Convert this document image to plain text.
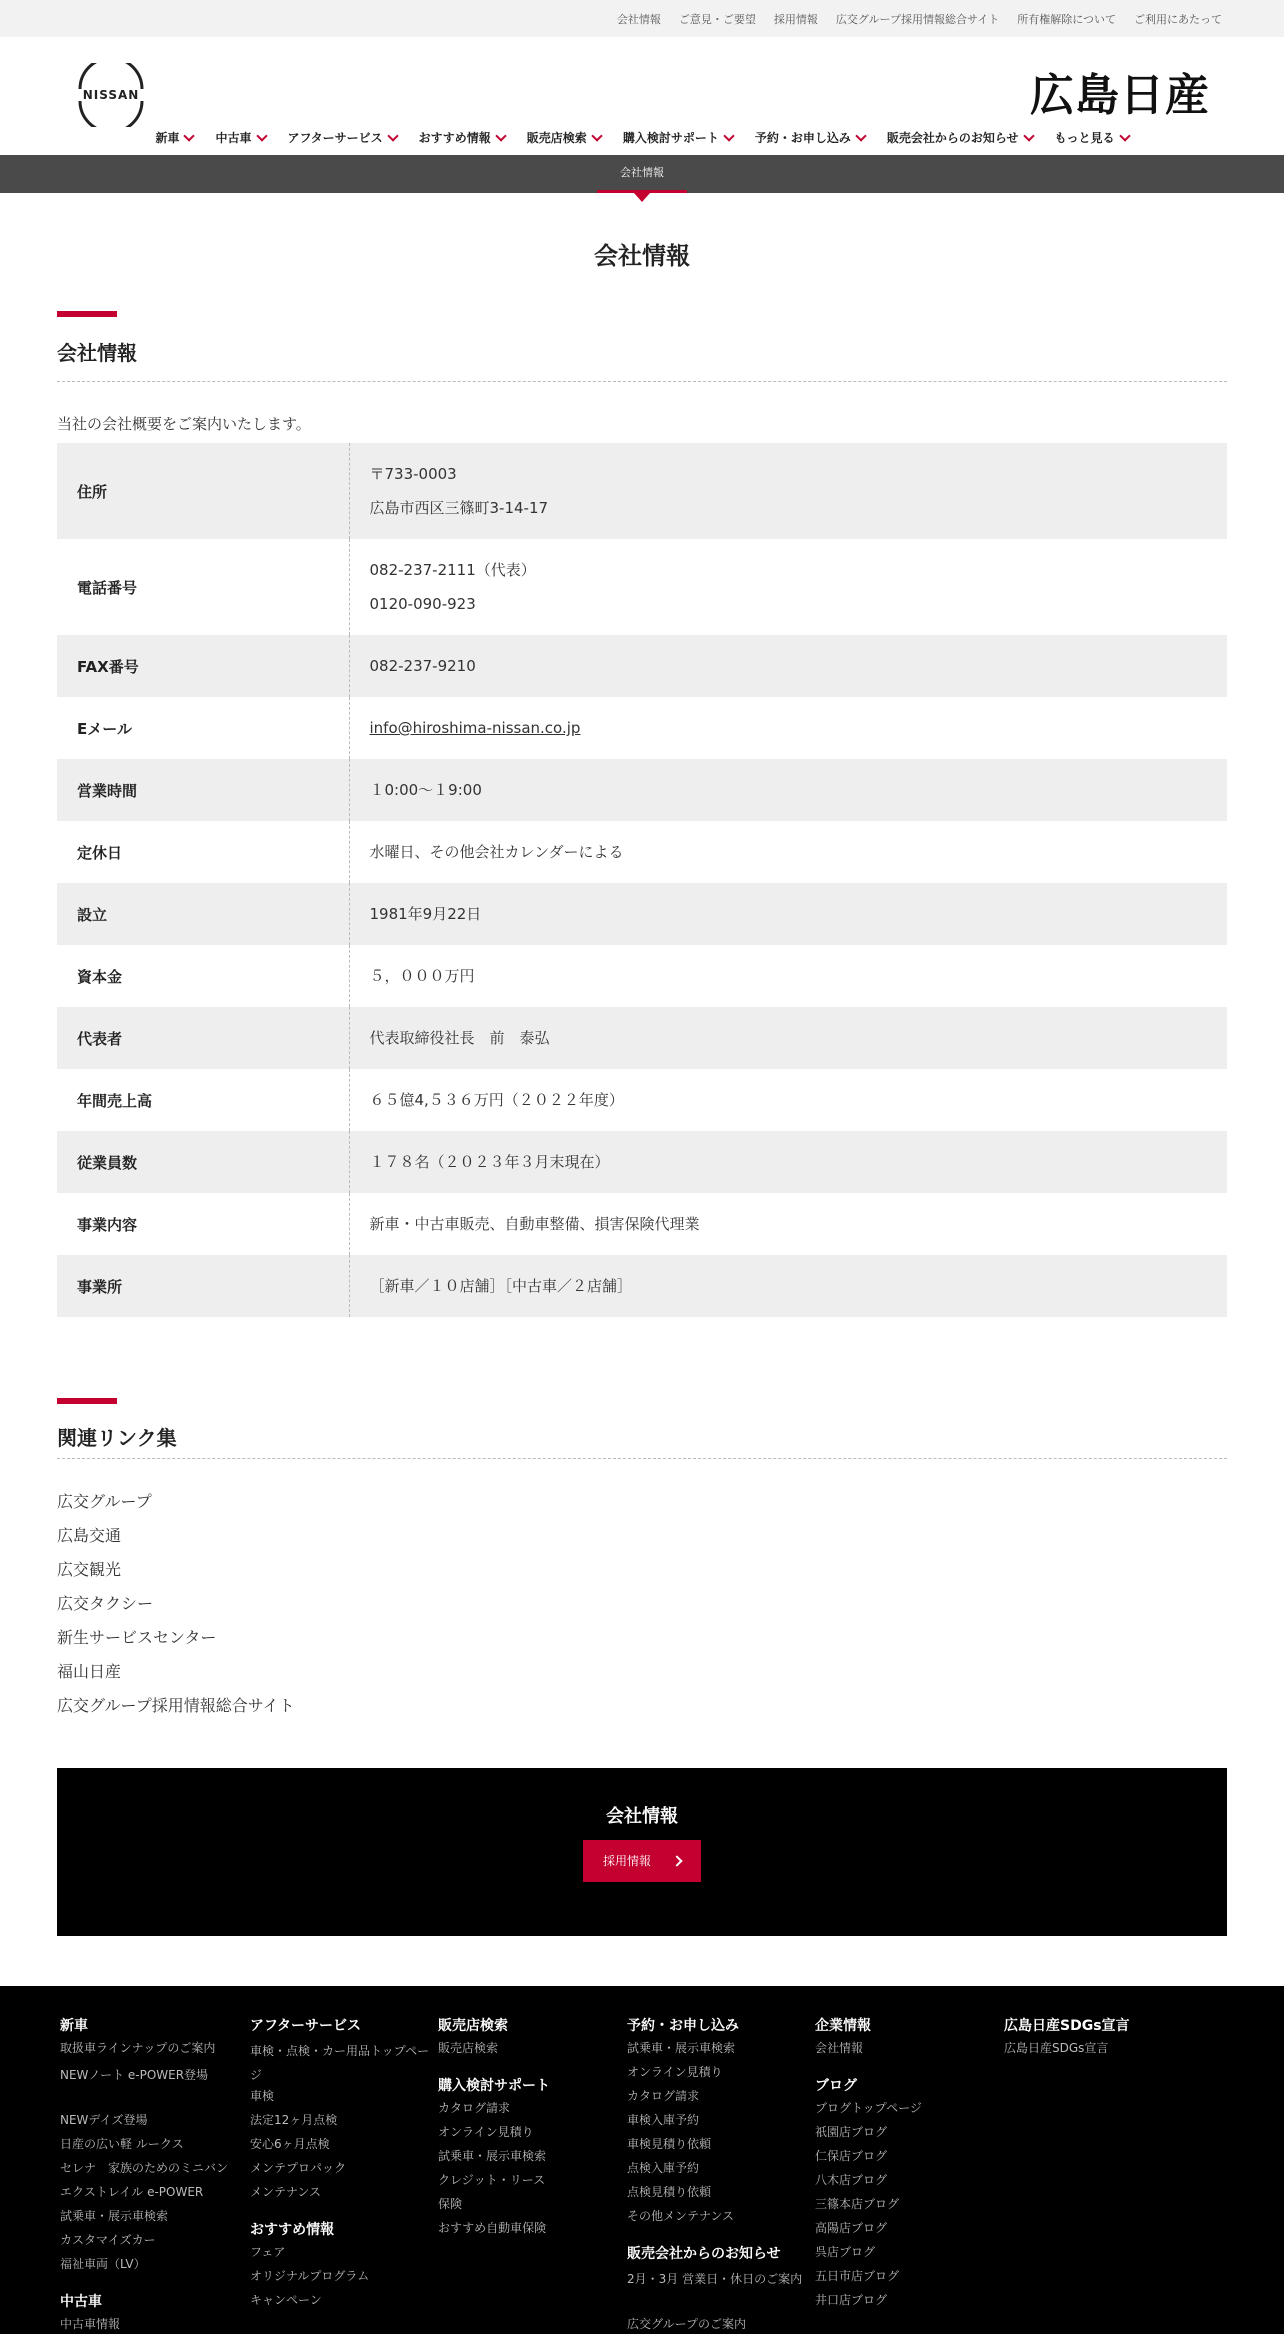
会社情報 ご意見・ご要望 採用情報 広交グループ採用情報総合サイト 所有権解除について ご利用にあたって
NISSAN	広島日産
新車	中古車	アフターサービス	おすすめ情報	販売店検索	購入検討サポート	予約・お申し込み	販売会社からのお知らせ	もっと見る
会社情報
会社情報
会社情報

当社の会社概要をご案内いたします。

住所	〒733-0003
広島市西区三篠町3-14-17

電話番号	082-237-2111（代表）
0120-090-923

FAX番号	082-237-9210

Eメール	info@hiroshima-nissan.co.jp

営業時間	１0:00～１9:00

定休日	水曜日、その他会社カレンダーによる

設立	1981年9月22日

資本金	５，０００万円

代表者	代表取締役社長　前　泰弘

年間売上高	６５億4,５３６万円（２０２２年度）

従業員数	１７８名（２０２３年３月末現在）

事業内容	新車・中古車販売、自動車整備、損害保険代理業

事業所	［新車／１０店舗］［中古車／２店舗］
関連リンク集
広交グループ
広島交通
広交観光
広交タクシー
新生サービスセンター
福山日産
広交グループ採用情報総合サイト
会社情報
採用情報
新車
取扱車ラインナップのご案内
NEWノート e-POWER登場
NEWデイズ登場
日産の広い軽 ルークス
セレナ　家族のためのミニバン
エクストレイル e-POWER
試乗車・展示車検索
カスタマイズカー
福祉車両（LV）
中古車
中古車情報
アフターサービス
車検・点検・カー用品トップページ
車検
法定12ヶ月点検
安心6ヶ月点検
メンテプロパック
メンテナンス
おすすめ情報
フェア
オリジナルプログラム
キャンペーン
販売店検索
販売店検索
購入検討サポート
カタログ請求
オンライン見積り
試乗車・展示車検索
クレジット・リース
保険
おすすめ自動車保険
予約・お申し込み
試乗車・展示車検索
オンライン見積り
カタログ請求
車検入庫予約
車検見積り依頼
点検入庫予約
点検見積り依頼
その他メンテナンス
販売会社からのお知らせ
2月・3月 営業日・休日のご案内
広交グループのご案内
企業情報
会社情報
ブログ
ブログトップページ
祇園店ブログ
仁保店ブログ
八木店ブログ
三篠本店ブログ
高陽店ブログ
呉店ブログ
五日市店ブログ
井口店ブログ
広島日産SDGs宣言
広島日産SDGs宣言
